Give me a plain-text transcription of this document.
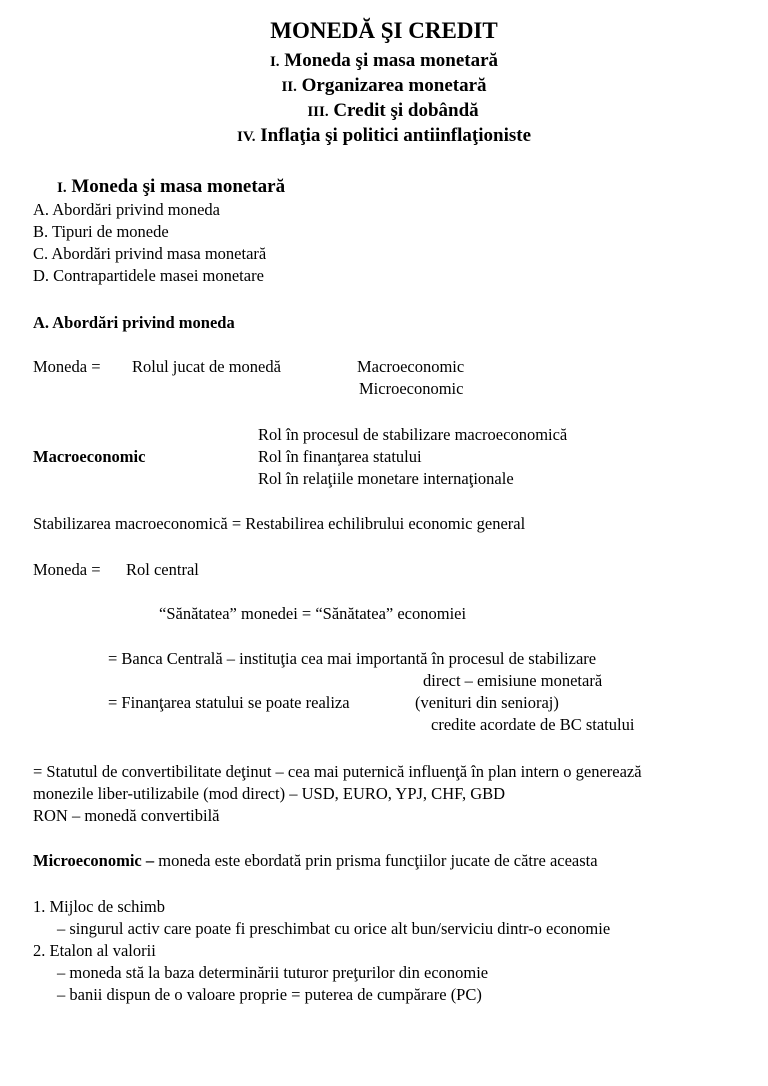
MONEDĂ ŞI CREDIT
I. Moneda şi masa monetară
II. Organizarea monetară
III. Credit şi dobândă
IV. Inflaţia şi politici antiinflaţioniste
I. Moneda şi masa monetară
A. Abordări privind moneda
B. Tipuri de monede
C. Abordări privind masa monetară
D. Contrapartidele masei monetare
A. Abordări privind moneda
Moneda = Rolul jucat de monedă	Macroeconomic
Microeconomic
Rol în procesul de stabilizare macroeconomică
Macroeconomic	Rol în finanţarea statului
Rol în relaţiile monetare internaţionale
Stabilizarea macroeconomică = Restabilirea echilibrului economic general
Moneda = Rol central
“Sănătatea” monedei = “Sănătatea” economiei
= Banca Centrală – instituţia cea mai importantă în procesul de stabilizare
direct – emisiune monetară
= Finanţarea statului se poate realiza	(venituri din senioraj)
credite acordate de BC statului
= Statutul de convertibilitate deţinut – cea mai puternică influenţă în plan intern o generează
monezile liber-utilizabile (mod direct) – USD, EURO, YPJ, CHF, GBD
RON – monedă convertibilă
Microeconomic – moneda este ebordată prin prisma funcţiilor jucate de către aceasta
1. Mijloc de schimb
– singurul activ care poate fi preschimbat cu orice alt bun/serviciu dintr-o economie
2. Etalon al valorii
– moneda stă la baza determinării tuturor preţurilor din economie
– banii dispun de o valoare proprie = puterea de cumpărare (PC)
